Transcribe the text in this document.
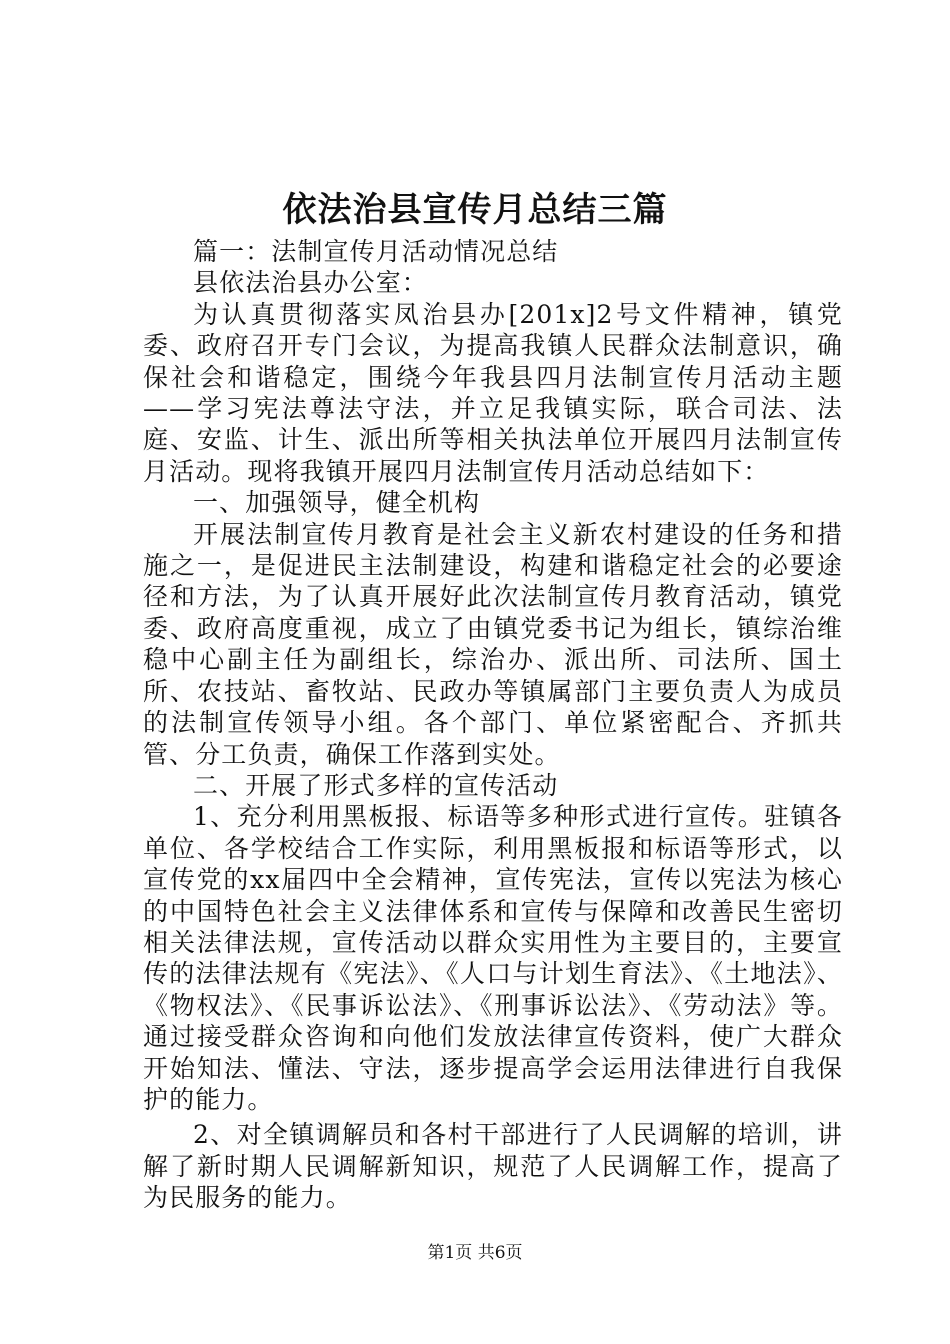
依法治县宣传月总结三篇

篇一：法制宣传月活动情况总结

县依法治县办公室：

为认真贯彻落实凤治县办[201x]2号文件精神，镇党委、政府召开专门会议，为提高我镇人民群众法制意识，确保社会和谐稳定，围绕今年我县四月法制宣传月活动主题——学习宪法尊法守法，并立足我镇实际，联合司法、法庭、安监、计生、派出所等相关执法单位开展四月法制宣传月活动。现将我镇开展四月法制宣传月活动总结如下：

一、加强领导，健全机构

开展法制宣传月教育是社会主义新农村建设的任务和措施之一，是促进民主法制建设，构建和谐稳定社会的必要途径和方法，为了认真开展好此次法制宣传月教育活动，镇党委、政府高度重视，成立了由镇党委书记为组长，镇综治维稳中心副主任为副组长，综治办、派出所、司法所、国土所、农技站、畜牧站、民政办等镇属部门主要负责人为成员的法制宣传领导小组。各个部门、单位紧密配合、齐抓共管、分工负责，确保工作落到实处。

二、开展了形式多样的宣传活动

1、充分利用黑板报、标语等多种形式进行宣传。驻镇各单位、各学校结合工作实际，利用黑板报和标语等形式，以宣传党的xx届四中全会精神，宣传宪法，宣传以宪法为核心的中国特色社会主义法律体系和宣传与保障和改善民生密切相关法律法规，宣传活动以群众实用性为主要目的，主要宣传的法律法规有《宪法》、《人口与计划生育法》、《土地法》、《物权法》、《民事诉讼法》、《刑事诉讼法》、《劳动法》等。通过接受群众咨询和向他们发放法律宣传资料，使广大群众开始知法、懂法、守法，逐步提高学会运用法律进行自我保护的能力。

2、对全镇调解员和各村干部进行了人民调解的培训，讲解了新时期人民调解新知识，规范了人民调解工作，提高了为民服务的能力。

第1页 共6页
